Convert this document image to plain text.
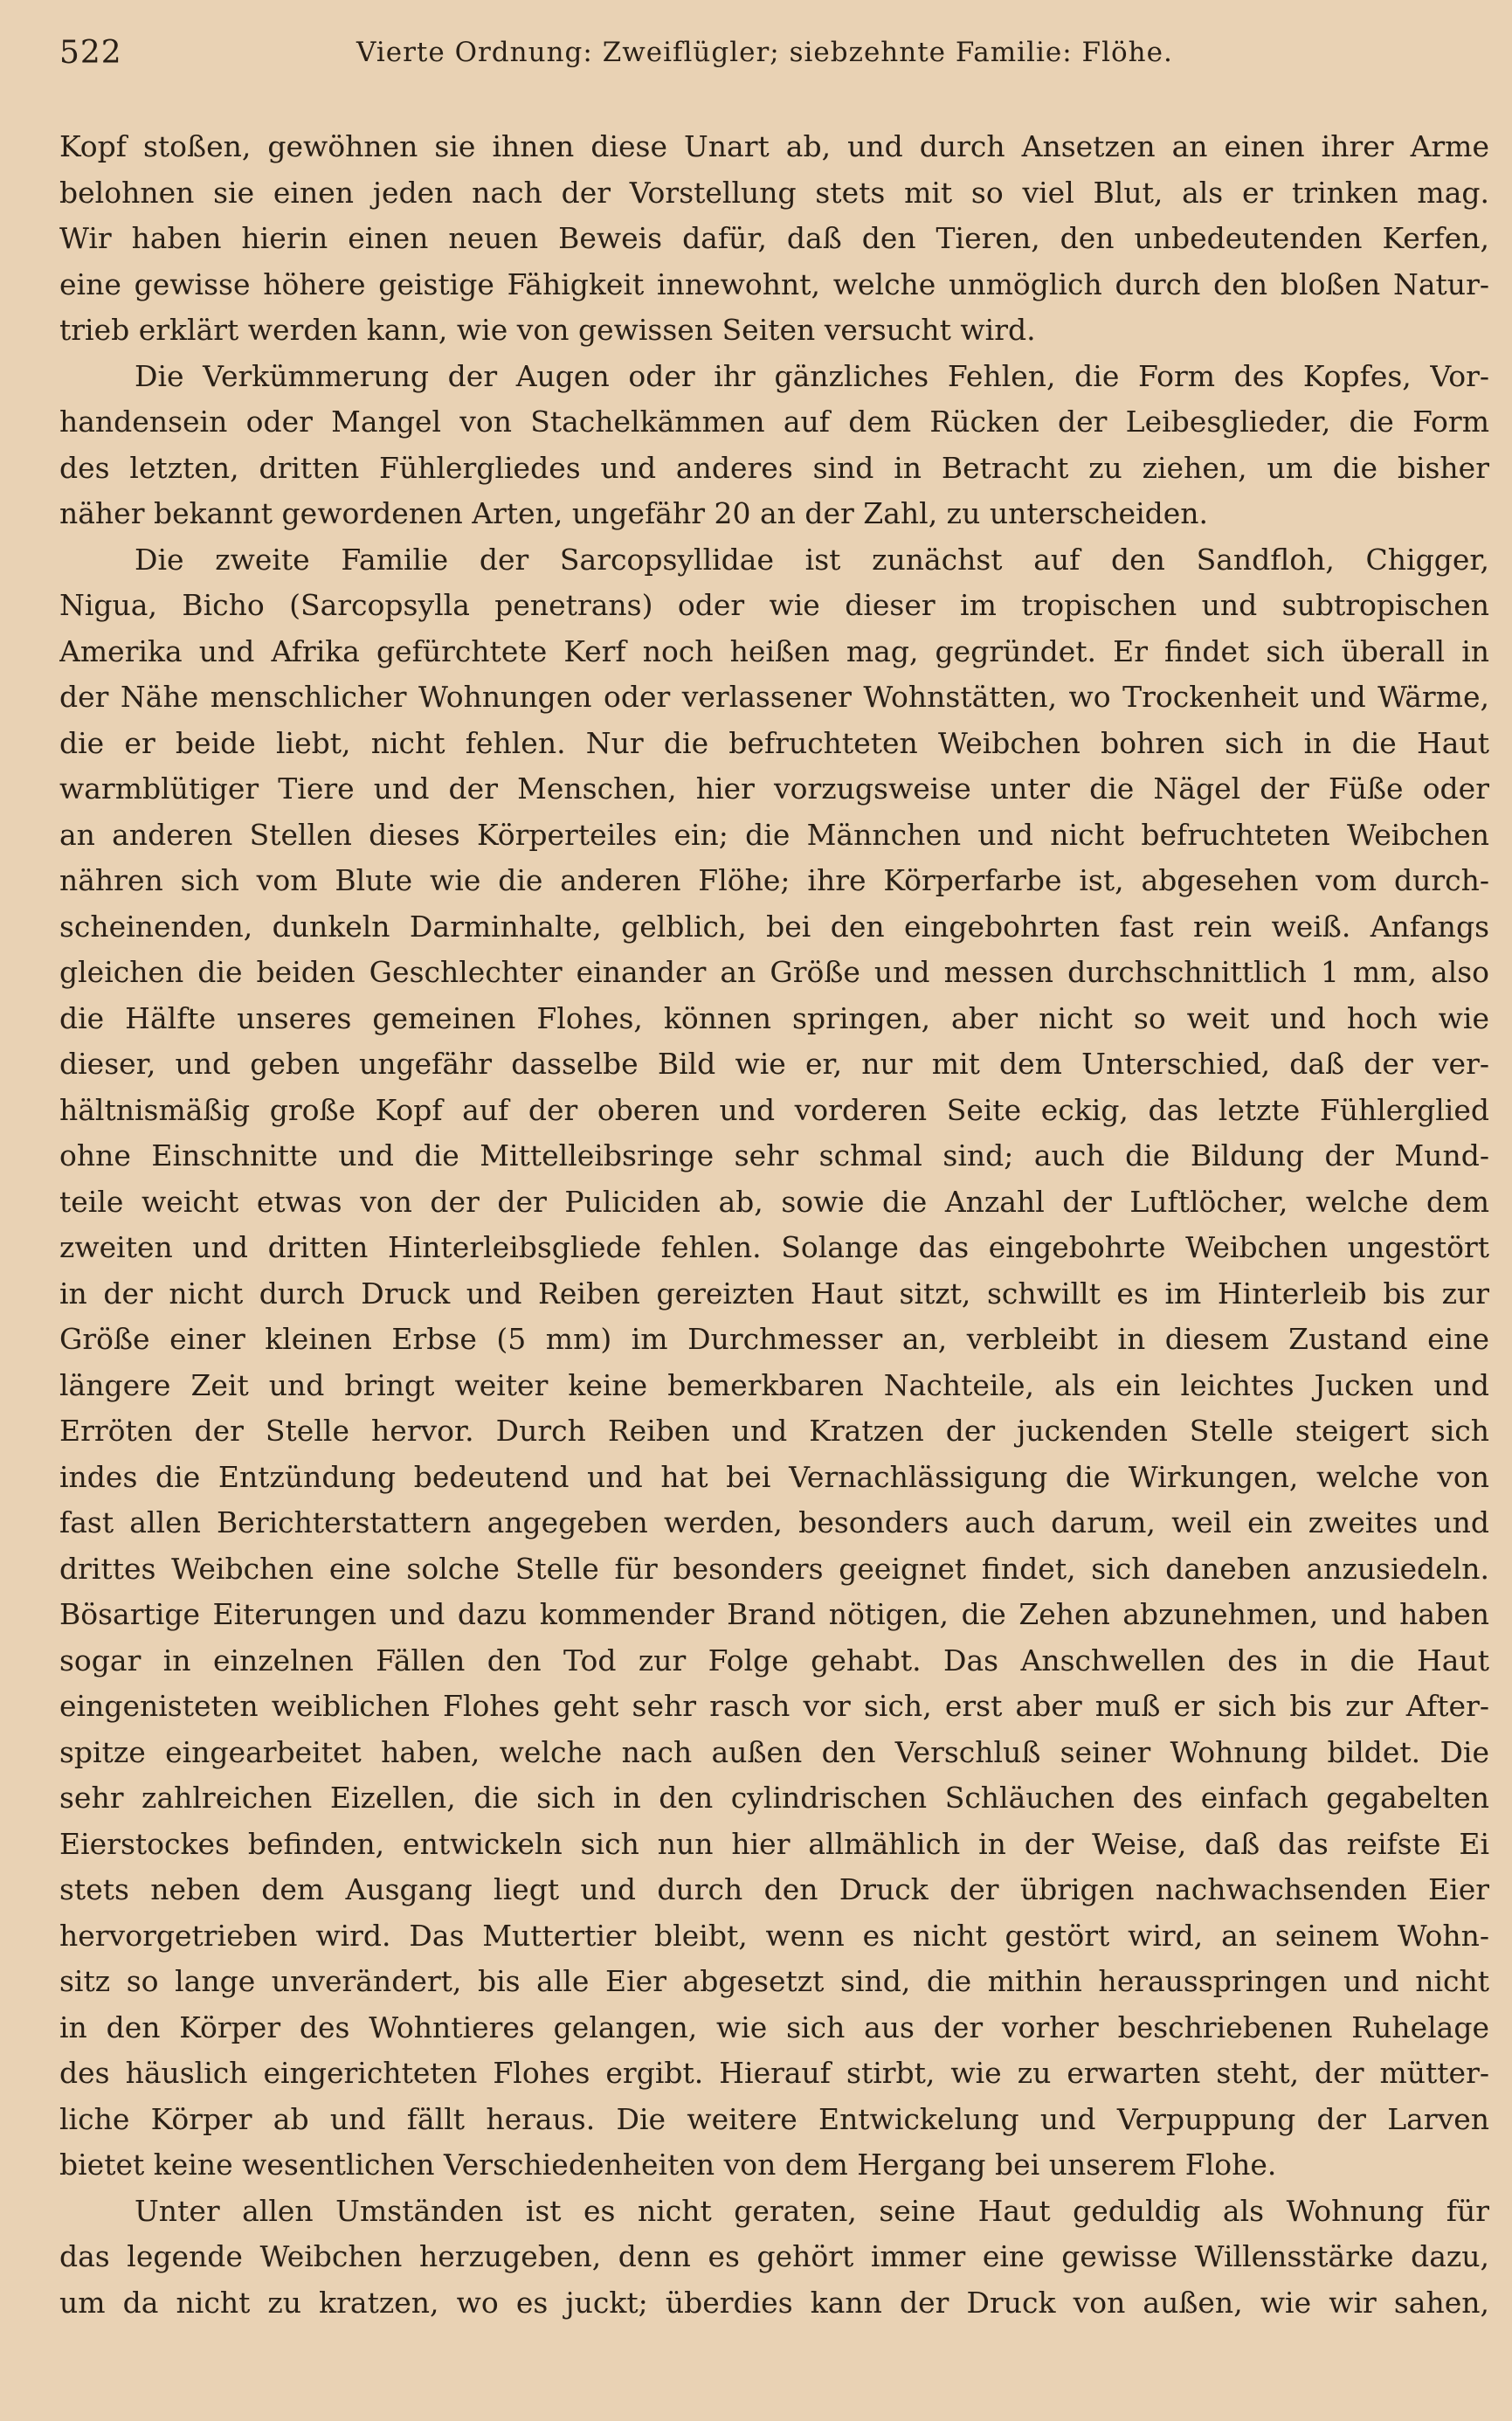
522	Vierte Ordnung: Zweiflügler; siebzehnte Familie: Flöhe.
Kopf stoßen, gewöhnen sie ihnen diese Unart ab, und durch Ansetzen an einen ihrer Arme
belohnen sie einen jeden nach der Vorstellung stets mit so viel Blut, als er trinken mag.
Wir haben hierin einen neuen Beweis dafür, daß den Tieren, den unbedeutenden Kerfen,
eine gewisse höhere geistige Fähigkeit innewohnt, welche unmöglich durch den bloßen Natur-
trieb erklärt werden kann, wie von gewissen Seiten versucht wird.
Die Verkümmerung der Augen oder ihr gänzliches Fehlen, die Form des Kopfes, Vor-
handensein oder Mangel von Stachelkämmen auf dem Rücken der Leibesglieder, die Form
des letzten, dritten Fühlergliedes und anderes sind in Betracht zu ziehen, um die bisher
näher bekannt gewordenen Arten, ungefähr 20 an der Zahl, zu unterscheiden.
Die zweite Familie der Sarcopsyllidae ist zunächst auf den Sandfloh, Chigger,
Nigua, Bicho (Sarcopsylla penetrans) oder wie dieser im tropischen und subtropischen
Amerika und Afrika gefürchtete Kerf noch heißen mag, gegründet. Er findet sich überall in
der Nähe menschlicher Wohnungen oder verlassener Wohnstätten, wo Trockenheit und Wärme,
die er beide liebt, nicht fehlen. Nur die befruchteten Weibchen bohren sich in die Haut
warmblütiger Tiere und der Menschen, hier vorzugsweise unter die Nägel der Füße oder
an anderen Stellen dieses Körperteiles ein; die Männchen und nicht befruchteten Weibchen
nähren sich vom Blute wie die anderen Flöhe; ihre Körperfarbe ist, abgesehen vom durch-
scheinenden, dunkeln Darminhalte, gelblich, bei den eingebohrten fast rein weiß. Anfangs
gleichen die beiden Geschlechter einander an Größe und messen durchschnittlich 1 mm, also
die Hälfte unseres gemeinen Flohes, können springen, aber nicht so weit und hoch wie
dieser, und geben ungefähr dasselbe Bild wie er, nur mit dem Unterschied, daß der ver-
hältnismäßig große Kopf auf der oberen und vorderen Seite eckig, das letzte Fühlerglied
ohne Einschnitte und die Mittelleibsringe sehr schmal sind; auch die Bildung der Mund-
teile weicht etwas von der der Puliciden ab, sowie die Anzahl der Luftlöcher, welche dem
zweiten und dritten Hinterleibsgliede fehlen. Solange das eingebohrte Weibchen ungestört
in der nicht durch Druck und Reiben gereizten Haut sitzt, schwillt es im Hinterleib bis zur
Größe einer kleinen Erbse (5 mm) im Durchmesser an, verbleibt in diesem Zustand eine
längere Zeit und bringt weiter keine bemerkbaren Nachteile, als ein leichtes Jucken und
Erröten der Stelle hervor. Durch Reiben und Kratzen der juckenden Stelle steigert sich
indes die Entzündung bedeutend und hat bei Vernachlässigung die Wirkungen, welche von
fast allen Berichterstattern angegeben werden, besonders auch darum, weil ein zweites und
drittes Weibchen eine solche Stelle für besonders geeignet findet, sich daneben anzusiedeln.
Bösartige Eiterungen und dazu kommender Brand nötigen, die Zehen abzunehmen, und haben
sogar in einzelnen Fällen den Tod zur Folge gehabt. Das Anschwellen des in die Haut
eingenisteten weiblichen Flohes geht sehr rasch vor sich, erst aber muß er sich bis zur After-
spitze eingearbeitet haben, welche nach außen den Verschluß seiner Wohnung bildet. Die
sehr zahlreichen Eizellen, die sich in den cylindrischen Schläuchen des einfach gegabelten
Eierstockes befinden, entwickeln sich nun hier allmählich in der Weise, daß das reifste Ei
stets neben dem Ausgang liegt und durch den Druck der übrigen nachwachsenden Eier
hervorgetrieben wird. Das Muttertier bleibt, wenn es nicht gestört wird, an seinem Wohn-
sitz so lange unverändert, bis alle Eier abgesetzt sind, die mithin herausspringen und nicht
in den Körper des Wohntieres gelangen, wie sich aus der vorher beschriebenen Ruhelage
des häuslich eingerichteten Flohes ergibt. Hierauf stirbt, wie zu erwarten steht, der mütter-
liche Körper ab und fällt heraus. Die weitere Entwickelung und Verpuppung der Larven
bietet keine wesentlichen Verschiedenheiten von dem Hergang bei unserem Flohe.
Unter allen Umständen ist es nicht geraten, seine Haut geduldig als Wohnung für
das legende Weibchen herzugeben, denn es gehört immer eine gewisse Willensstärke dazu,
um da nicht zu kratzen, wo es juckt; überdies kann der Druck von außen, wie wir sahen,
